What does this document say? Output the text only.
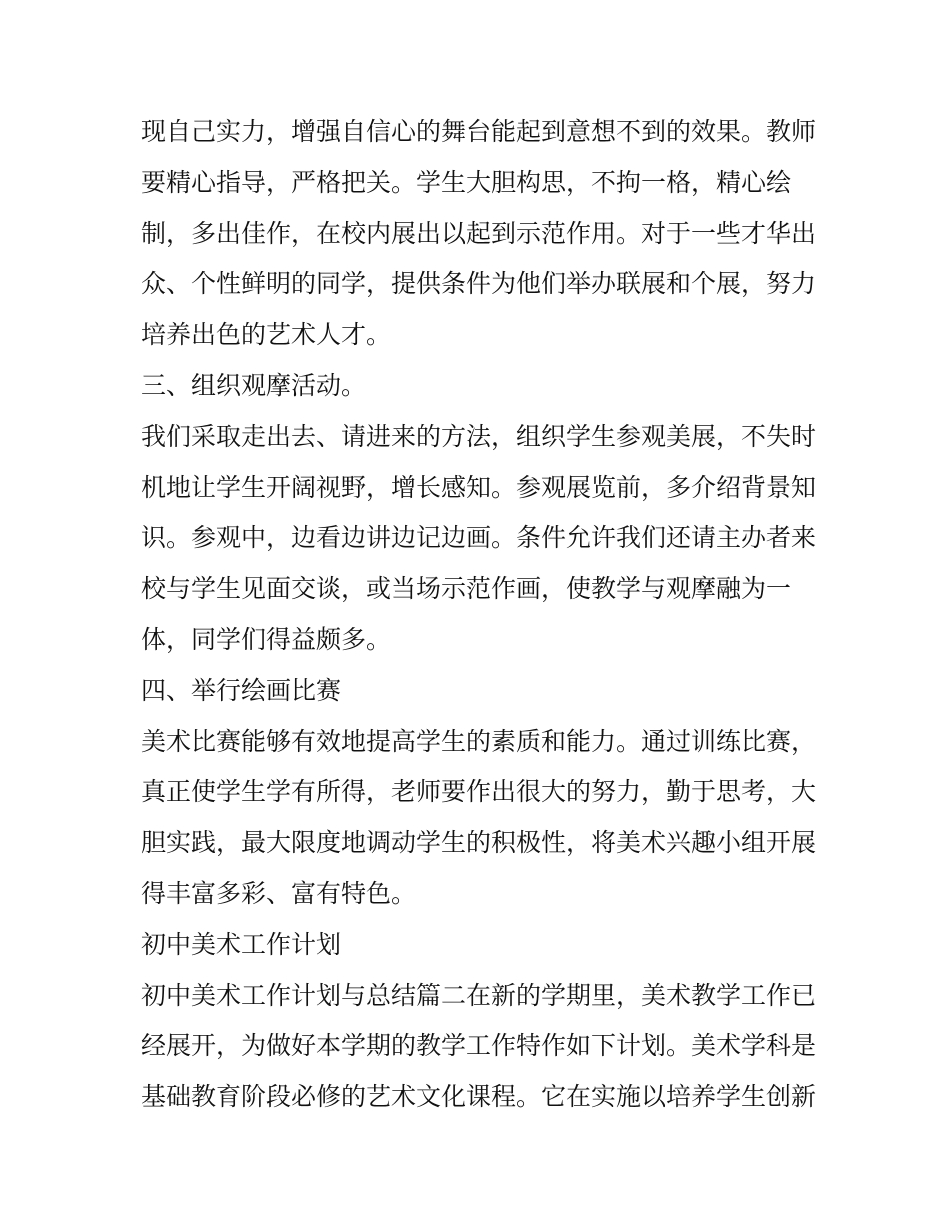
现自己实力，增强自信心的舞台能起到意想不到的效果。教师
要精心指导，严格把关。学生大胆构思，不拘一格，精心绘
制，多出佳作，在校内展出以起到示范作用。对于一些才华出
众、个性鲜明的同学，提供条件为他们举办联展和个展，努力
培养出色的艺术人才。
三、组织观摩活动。
我们采取走出去、请进来的方法，组织学生参观美展，不失时
机地让学生开阔视野，增长感知。参观展览前，多介绍背景知
识。参观中，边看边讲边记边画。条件允许我们还请主办者来
校与学生见面交谈，或当场示范作画，使教学与观摩融为一
体，同学们得益颇多。
四、举行绘画比赛
美术比赛能够有效地提高学生的素质和能力。通过训练比赛，
真正使学生学有所得，老师要作出很大的努力，勤于思考，大
胆实践，最大限度地调动学生的积极性，将美术兴趣小组开展
得丰富多彩、富有特色。
初中美术工作计划
初中美术工作计划与总结篇二在新的学期里，美术教学工作已
经展开，为做好本学期的教学工作特作如下计划。美术学科是
基础教育阶段必修的艺术文化课程。它在实施以培养学生创新
